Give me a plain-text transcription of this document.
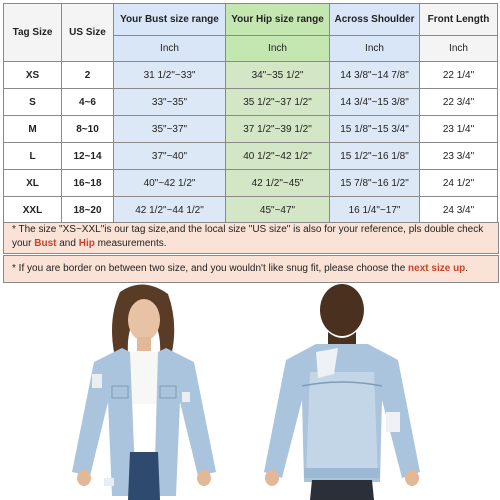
Tag Size	US Size	Your Bust size range	Your Hip size range	Across Shoulder	Front Length
		Inch	Inch	Inch	Inch
XS	2	31 1/2"~33"	34"~35 1/2"	14 3/8"~14 7/8"	22 1/4"
S	4~6	33"~35"	35 1/2"~37 1/2"	14 3/4"~15 3/8"	22 3/4"
M	8~10	35"~37"	37 1/2"~39 1/2"	15 1/8"~15 3/4"	23 1/4"
L	12~14	37"~40"	40 1/2"~42 1/2"	15 1/2"~16 1/8"	23 3/4"
XL	16~18	40"~42 1/2"	42 1/2"~45"	15 7/8"~16 1/2"	24 1/2"
XXL	18~20	42 1/2"~44 1/2"	45"~47"	16 1/4"~17"	24 3/4"
* The size "XS~XXL"is our tag size,and the local size "US size" is also for your reference, pls double check your Bust and Hip measurements.
* If you are border on between two size, and you wouldn't like snug fit, please choose the next size up.
